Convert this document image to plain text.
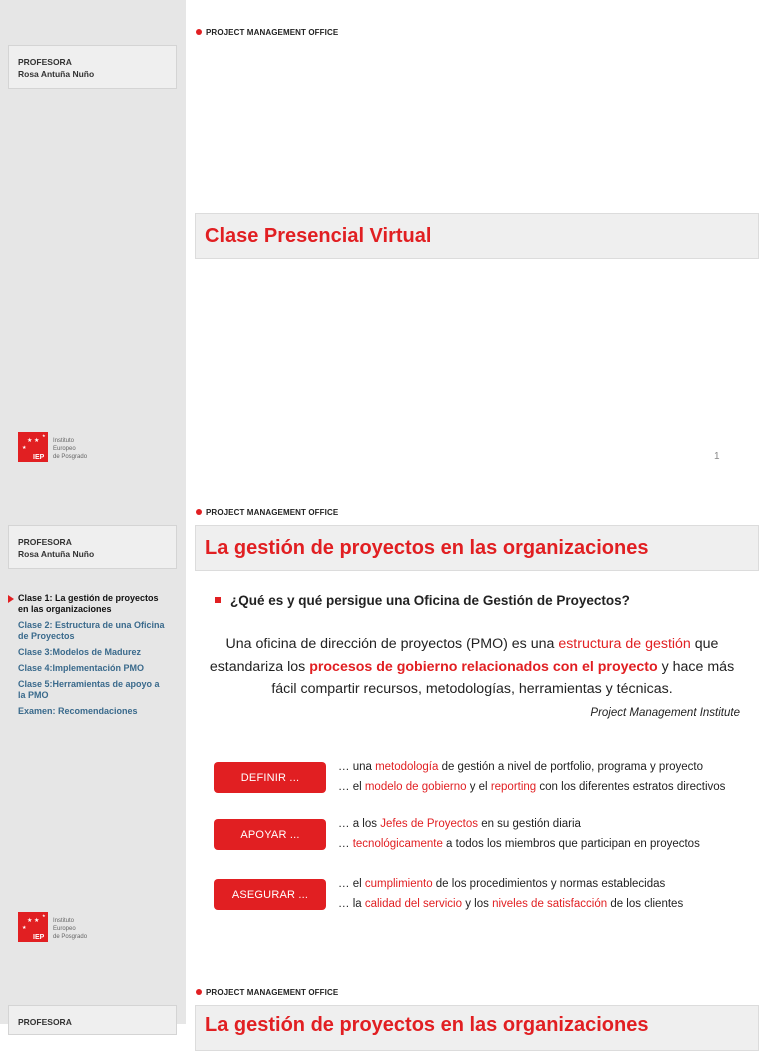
PROFESORA
Rosa Antuña Nuño
★ ★
★
★
IEP
Instituto
Europeo
de Posgrado
PROJECT MANAGEMENT OFFICE
Clase Presencial Virtual
1
PROFESORA
Rosa Antuña Nuño
★ ★
★
★
IEP
Instituto
Europeo
de Posgrado
PROJECT MANAGEMENT OFFICE
La gestión de proyectos en las organizaciones
Clase 1: La gestión de proyectos
en las organizaciones
Clase 2: Estructura de una Oficina
de Proyectos
Clase 3:Modelos de Madurez
Clase 4:Implementación PMO
Clase 5:Herramientas de apoyo a
la PMO
Examen: Recomendaciones
¿Qué es y qué persigue una Oficina de Gestión de Proyectos?
Una oficina de dirección de proyectos (PMO) es una estructura de gestión que estandariza los procesos de gobierno relacionados con el proyecto y hace más fácil compartir recursos, metodologías, herramientas y técnicas.
Project Management Institute
DEFINIR ...
… una metodología de gestión a nivel de portfolio, programa y proyecto
… el modelo de gobierno y el reporting con los diferentes estratos directivos
APOYAR ...
… a los Jefes de Proyectos en su gestión diaria
… tecnológicamente a todos los miembros que participan en proyectos
ASEGURAR ...
… el cumplimiento de los procedimientos y normas establecidas
… la calidad del servicio y los niveles de satisfacción de los clientes
PROFESORA
PROJECT MANAGEMENT OFFICE
La gestión de proyectos en las organizaciones
